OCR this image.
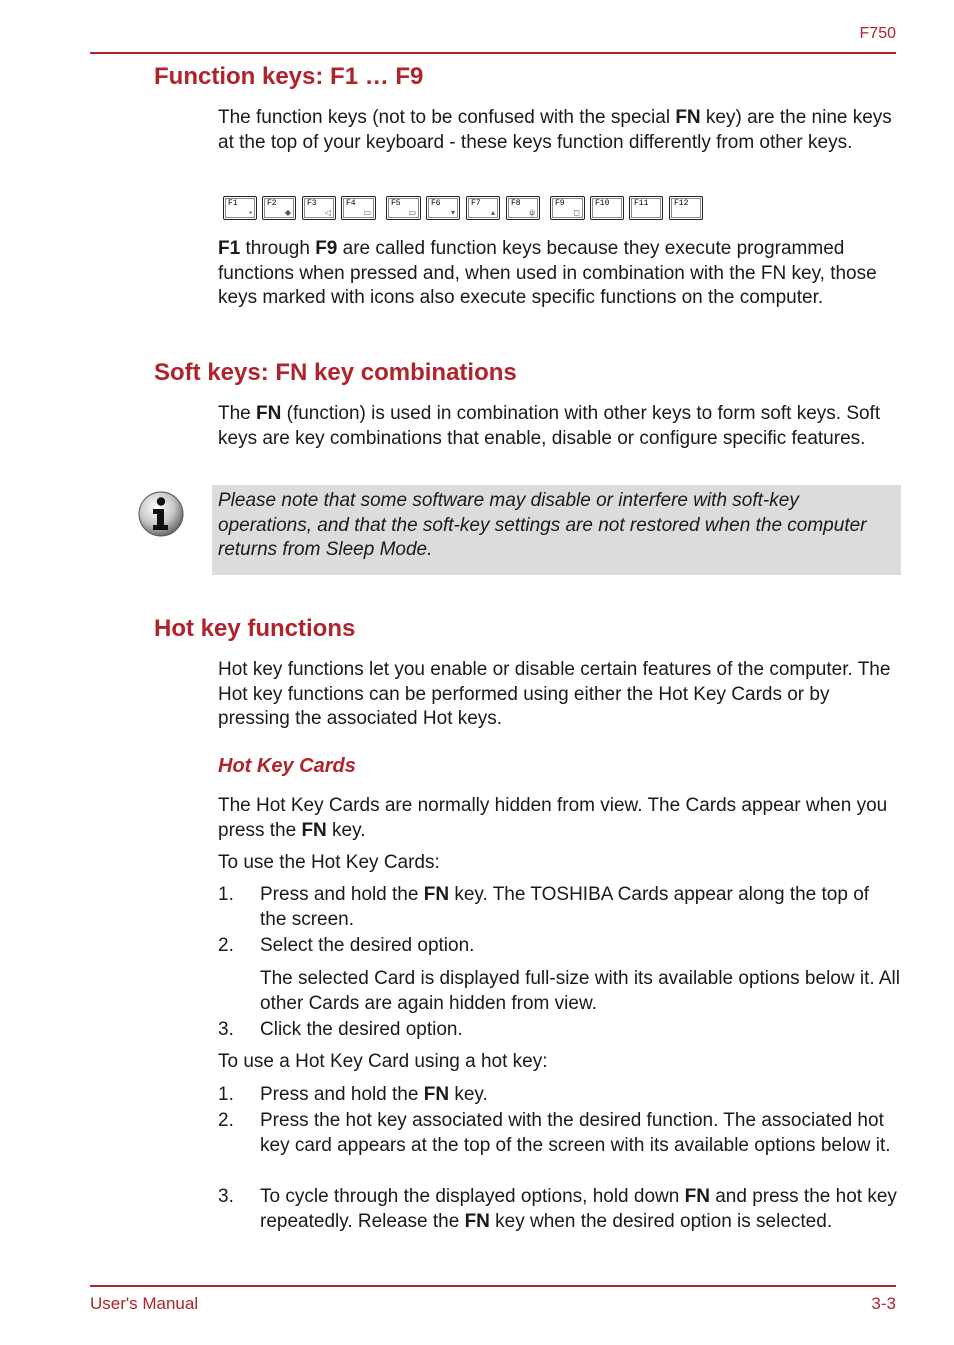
F750
Function keys: F1 … F9

The function keys (not to be confused with the special FN key) are the nine keys at the top of your keyboard - these keys function differently from other keys.

F1
▪
F2
◆
F3
◁
F4
▭
F5
▭
F6
▾
F7
▴
F8
ψ
F9
◻
F10	F11	F12

F1 through F9 are called function keys because they execute programmed functions when pressed and, when used in combination with the FN key, those keys marked with icons also execute specific functions on the computer.

Soft keys: FN key combinations

The FN (function) is used in combination with other keys to form soft keys. Soft keys are key combinations that enable, disable or configure specific features.

Please note that some software may disable or interfere with soft-key operations, and that the soft-key settings are not restored when the computer returns from Sleep Mode.

Hot key functions

Hot key functions let you enable or disable certain features of the computer. The Hot key functions can be performed using either the Hot Key Cards or by pressing the associated Hot keys.

Hot Key Cards

The Hot Key Cards are normally hidden from view. The Cards appear when you press the FN key.

To use the Hot Key Cards:

1. Press and hold the FN key. The TOSHIBA Cards appear along the top of the screen.
2. Select the desired option.
The selected Card is displayed full-size with its available options below it. All other Cards are again hidden from view.
3. Click the desired option.

To use a Hot Key Card using a hot key:

1. Press and hold the FN key.
2. Press the hot key associated with the desired function. The associated hot key card appears at the top of the screen with its available options below it.
3. To cycle through the displayed options, hold down FN and press the hot key repeatedly. Release the FN key when the desired option is selected.
User's Manual	3-3
